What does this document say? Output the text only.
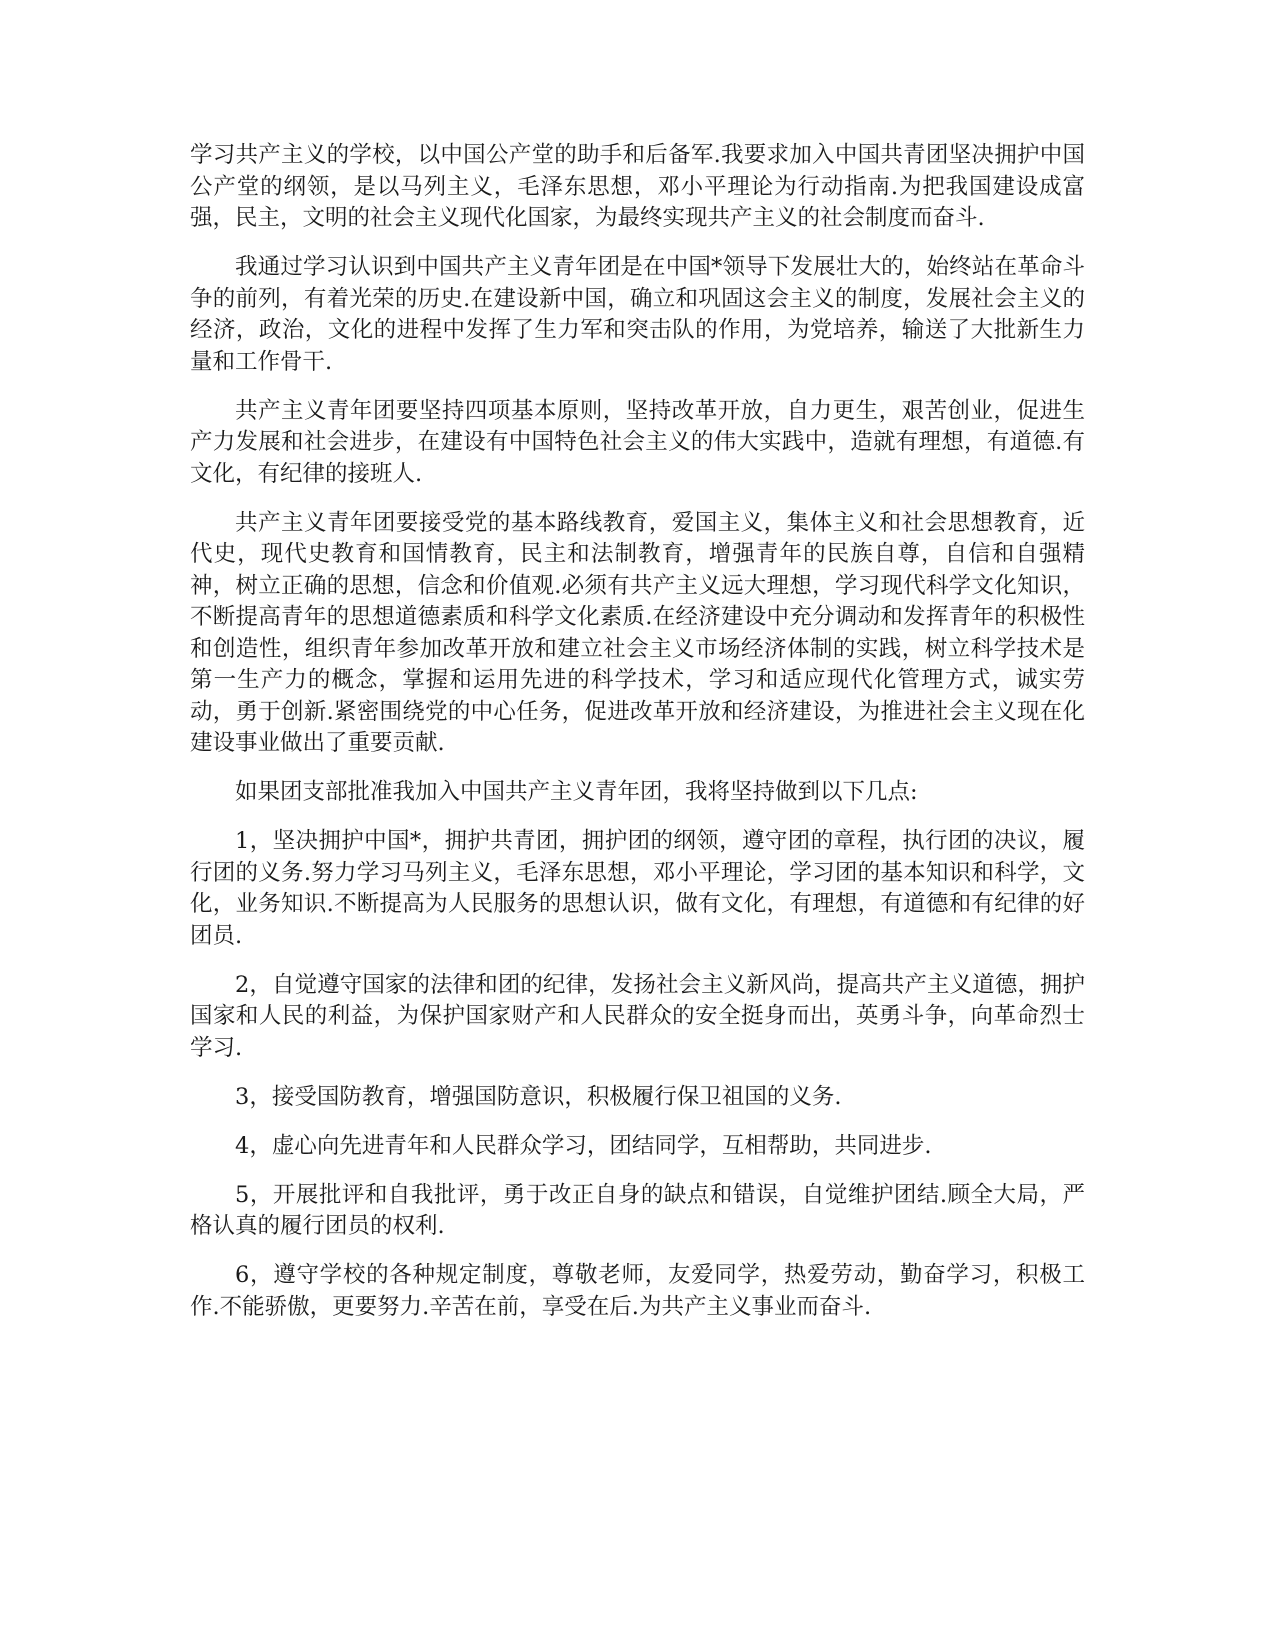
学习共产主义的学校，以中国公产堂的助手和后备军.我要求加入中国共青团坚决拥护中国公产堂的纲领，是以马列主义，毛泽东思想，邓小平理论为行动指南.为把我国建设成富强，民主，文明的社会主义现代化国家，为最终实现共产主义的社会制度而奋斗.

我通过学习认识到中国共产主义青年团是在中国*领导下发展壮大的，始终站在革命斗争的前列，有着光荣的历史.在建设新中国，确立和巩固这会主义的制度，发展社会主义的经济，政治，文化的进程中发挥了生力军和突击队的作用，为党培养，输送了大批新生力量和工作骨干.

共产主义青年团要坚持四项基本原则，坚持改革开放，自力更生，艰苦创业，促进生产力发展和社会进步，在建设有中国特色社会主义的伟大实践中，造就有理想，有道德.有文化，有纪律的接班人.

共产主义青年团要接受党的基本路线教育，爱国主义，集体主义和社会思想教育，近代史，现代史教育和国情教育，民主和法制教育，增强青年的民族自尊，自信和自强精神，树立正确的思想，信念和价值观.必须有共产主义远大理想，学习现代科学文化知识，不断提高青年的思想道德素质和科学文化素质.在经济建设中充分调动和发挥青年的积极性和创造性，组织青年参加改革开放和建立社会主义市场经济体制的实践，树立科学技术是第一生产力的概念，掌握和运用先进的科学技术，学习和适应现代化管理方式，诚实劳动，勇于创新.紧密围绕党的中心任务，促进改革开放和经济建设，为推进社会主义现在化建设事业做出了重要贡献.

如果团支部批准我加入中国共产主义青年团，我将坚持做到以下几点:

1，坚决拥护中国*，拥护共青团，拥护团的纲领，遵守团的章程，执行团的决议，履行团的义务.努力学习马列主义，毛泽东思想，邓小平理论，学习团的基本知识和科学，文化，业务知识.不断提高为人民服务的思想认识，做有文化，有理想，有道德和有纪律的好团员.

2，自觉遵守国家的法律和团的纪律，发扬社会主义新风尚，提高共产主义道德，拥护国家和人民的利益，为保护国家财产和人民群众的安全挺身而出，英勇斗争，向革命烈士学习.

3，接受国防教育，增强国防意识，积极履行保卫祖国的义务.

4，虚心向先进青年和人民群众学习，团结同学，互相帮助，共同进步.

5，开展批评和自我批评，勇于改正自身的缺点和错误，自觉维护团结.顾全大局，严格认真的履行团员的权利.

6，遵守学校的各种规定制度，尊敬老师，友爱同学，热爱劳动，勤奋学习，积极工作.不能骄傲，更要努力.辛苦在前，享受在后.为共产主义事业而奋斗.
